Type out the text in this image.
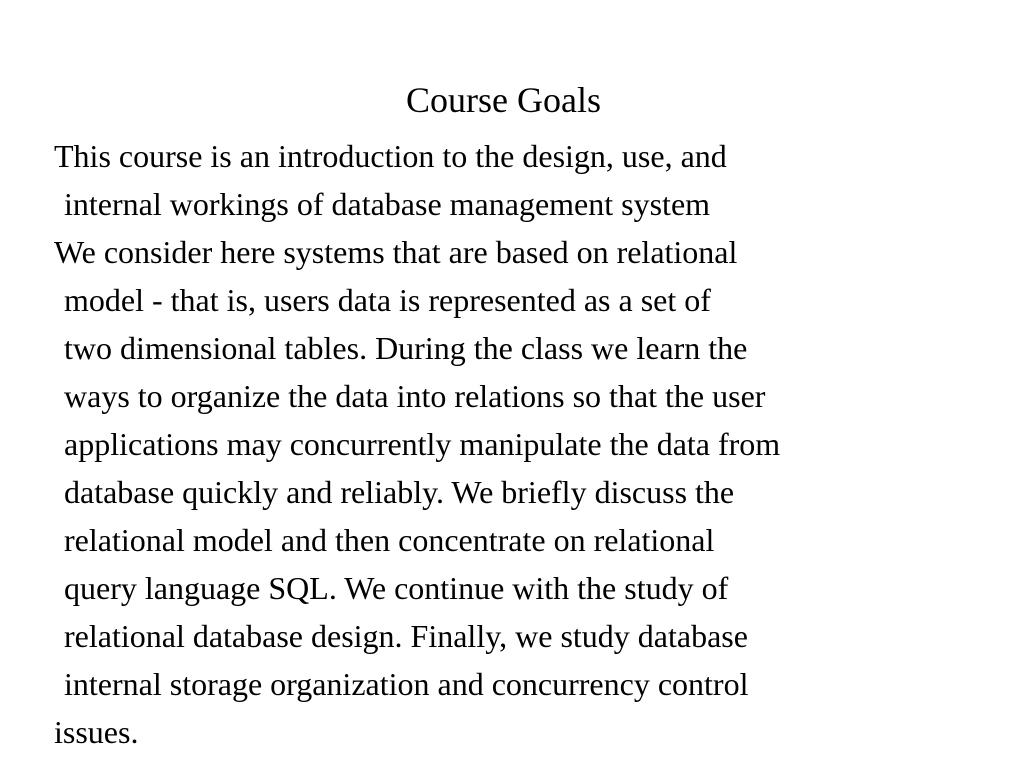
Course Goals
This course is an introduction to the design, use, and
internal workings of database management system
We consider here systems that are based on relational
model - that is, users data is represented as a set of
two dimensional tables. During the class we learn the
ways to organize the data into relations so that the user
applications may concurrently manipulate the data from
database quickly and reliably. We briefly discuss the
relational model and then concentrate on relational
query language SQL. We continue with the study of
relational database design. Finally, we study database
internal storage organization and concurrency control
issues.
